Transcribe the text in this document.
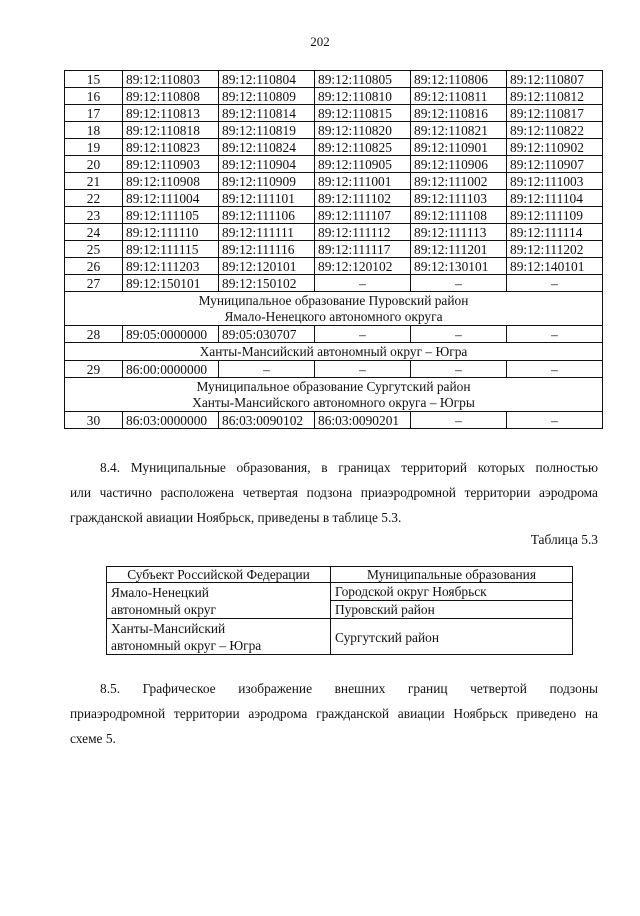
202
15	89:12:110803	89:12:110804	89:12:110805	89:12:110806	89:12:110807
16	89:12:110808	89:12:110809	89:12:110810	89:12:110811	89:12:110812
17	89:12:110813	89:12:110814	89:12:110815	89:12:110816	89:12:110817
18	89:12:110818	89:12:110819	89:12:110820	89:12:110821	89:12:110822
19	89:12:110823	89:12:110824	89:12:110825	89:12:110901	89:12:110902
20	89:12:110903	89:12:110904	89:12:110905	89:12:110906	89:12:110907
21	89:12:110908	89:12:110909	89:12:111001	89:12:111002	89:12:111003
22	89:12:111004	89:12:111101	89:12:111102	89:12:111103	89:12:111104
23	89:12:111105	89:12:111106	89:12:111107	89:12:111108	89:12:111109
24	89:12:111110	89:12:111111	89:12:111112	89:12:111113	89:12:111114
25	89:12:111115	89:12:111116	89:12:111117	89:12:111201	89:12:111202
26	89:12:111203	89:12:120101	89:12:120102	89:12:130101	89:12:140101
27	89:12:150101	89:12:150102	–	–	–

Муниципальное образование Пуровский район
Ямало-Ненецкого автономного округа					

28	89:05:0000000	89:05:030707	–	–	–

Ханты-Мансийский автономный округ – Югра					

29	86:00:0000000	–	–	–	–

Муниципальное образование Сургутский район
Ханты-Мансийского автономного округа – Югры					

30	86:03:0000000	86:03:0090102	86:03:0090201	–	–
8.4. Муниципальные образования, в границах территорий которых полностью
или частично расположена четвертая подзона приаэродромной территории аэродрома
гражданской авиации Ноябрьск, приведены в таблице 5.3.
Таблица 5.3
Субъект Российской Федерации	Муниципальные образования
Ямало-Ненецкий
автономный округ	Городской округ Ноябрьск
	Пуровский район
Ханты-Мансийский
автономный округ – Югра	Сургутский район
8.5. Графическое изображение внешних границ четвертой подзоны
приаэродромной территории аэродрома гражданской авиации Ноябрьск приведено на
схеме 5.
